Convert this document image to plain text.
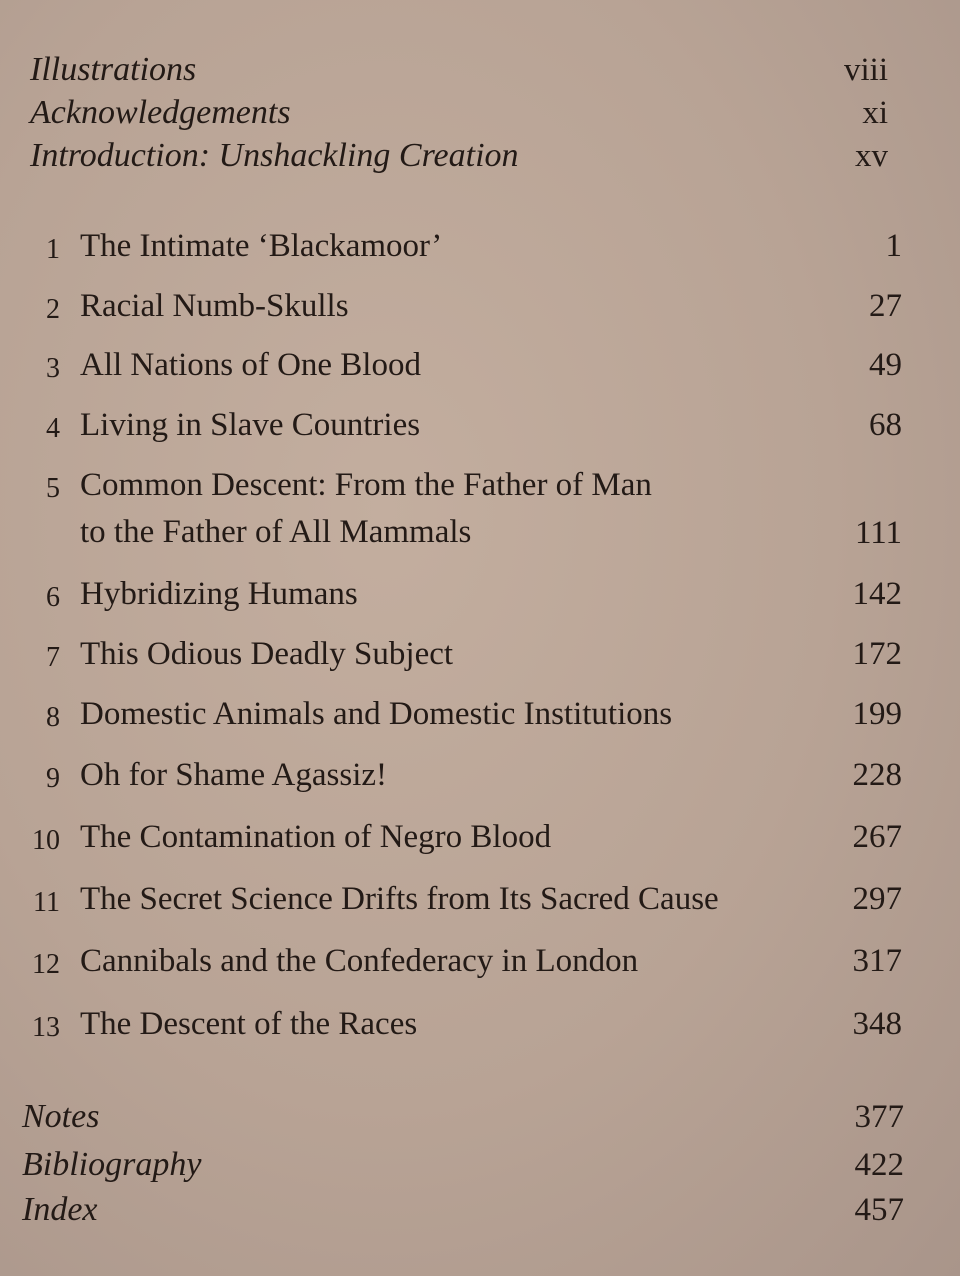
Illustrations	viii
Acknowledgements	xi
Introduction: Unshackling Creation	xv
1 The Intimate ‘Blackamoor’	1
2 Racial Numb-Skulls	27
3 All Nations of One Blood	49
4 Living in Slave Countries	68
5 Common Descent: From the Father of Man
to the Father of All Mammals	111
6 Hybridizing Humans	142
7 This Odious Deadly Subject	172
8 Domestic Animals and Domestic Institutions	199
9 Oh for Shame Agassiz!	228
10 The Contamination of Negro Blood	267
11 The Secret Science Drifts from Its Sacred Cause	297
12 Cannibals and the Confederacy in London	317
13 The Descent of the Races	348
Notes	377
Bibliography	422
Index	457
